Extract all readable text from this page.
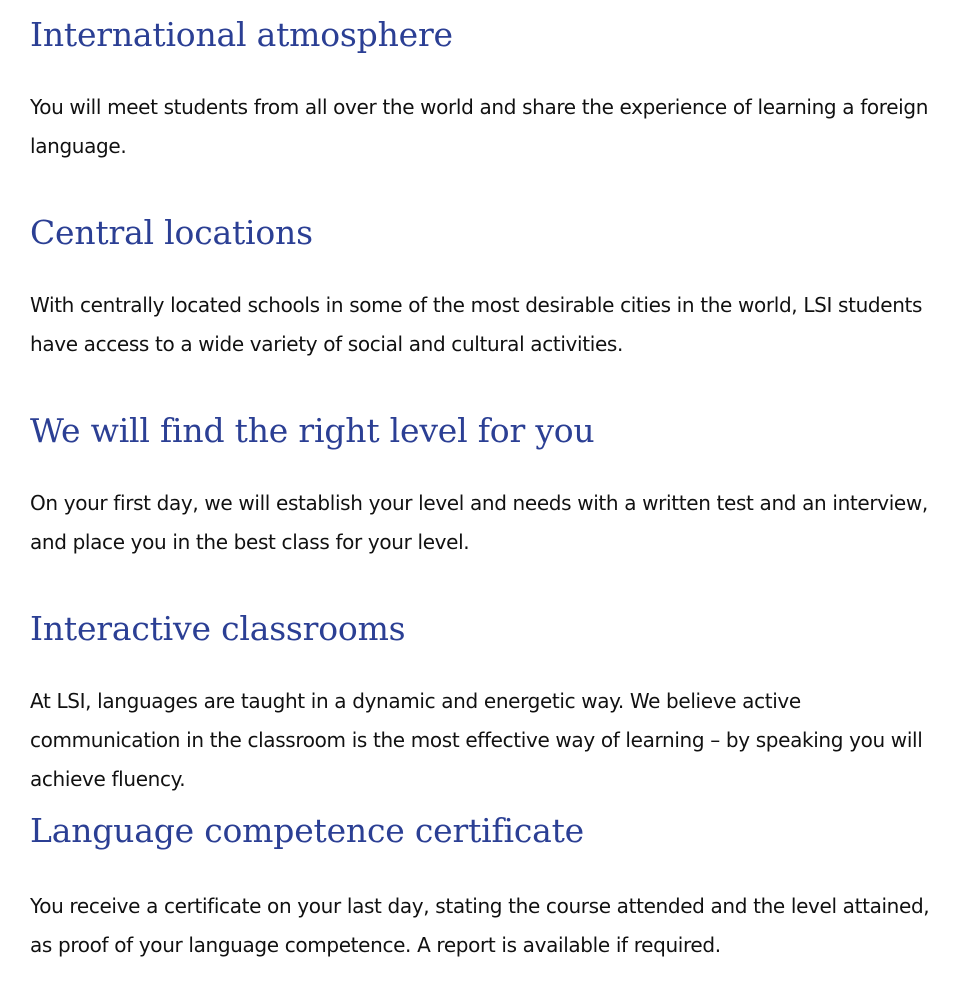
International atmosphere

You will meet students from all over the world and share the experience of learning a foreign language.

Central locations

With centrally located schools in some of the most desirable cities in the world, LSI students have access to a wide variety of social and cultural activities.

We will find the right level for you

On your first day, we will establish your level and needs with a written test and an interview, and place you in the best class for your level.

Interactive classrooms

At LSI, languages are taught in a dynamic and energetic way. We believe active communication in the classroom is the most effective way of learning – by speaking you will achieve fluency.

Language competence certificate

You receive a certificate on your last day, stating the course attended and the level attained, as proof of your language competence. A report is available if required.
